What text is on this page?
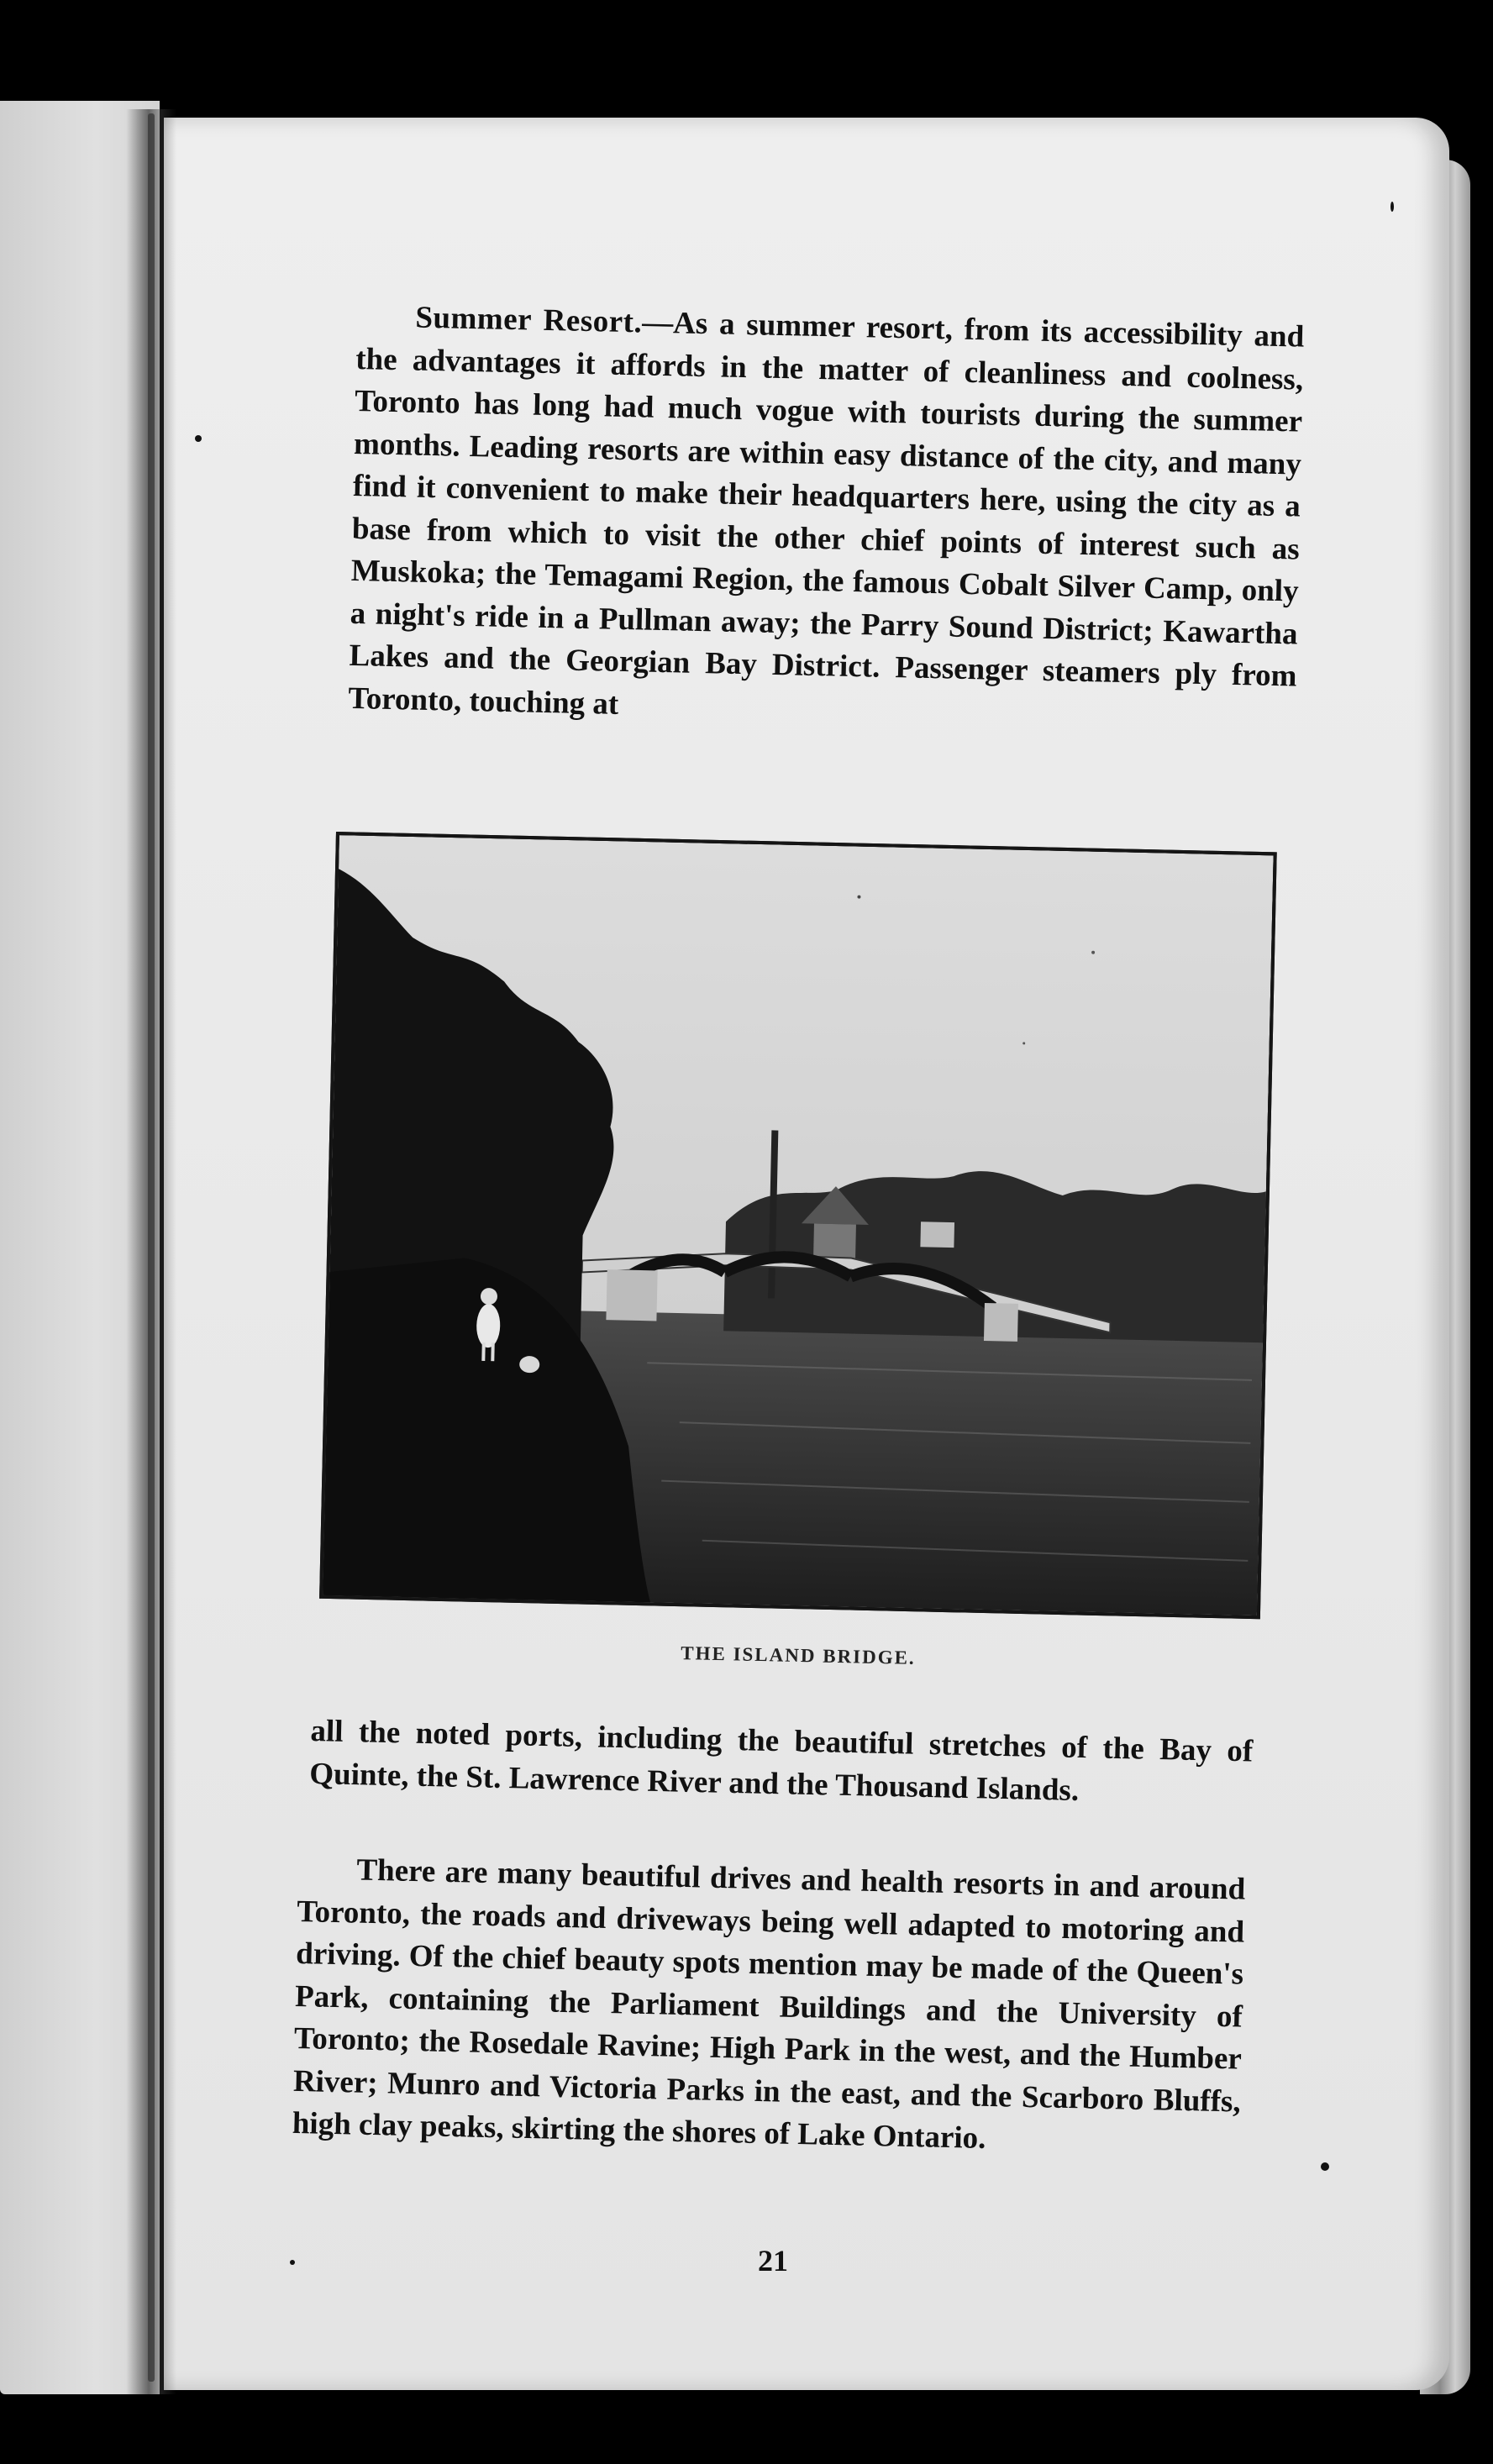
Summer Resort.—As a summer resort, from its accessibility and the advantages it affords in the matter of cleanliness and coolness, Toronto has long had much vogue with tourists during the summer months. Leading resorts are within easy distance of the city, and many find it convenient to make their headquarters here, using the city as a base from which to visit the other chief points of interest such as Muskoka; the Temagami Region, the famous Cobalt Silver Camp, only a night's ride in a Pullman away; the Parry Sound District; Kawartha Lakes and the Georgian Bay District. Passenger steamers ply from Toronto, touching at
THE ISLAND BRIDGE.
all the noted ports, including the beautiful stretches of the Bay of Quinte, the St. Lawrence River and the Thousand Islands.
There are many beautiful drives and health resorts in and around Toronto, the roads and driveways being well adapted to motoring and driving. Of the chief beauty spots mention may be made of the Queen's Park, containing the Parliament Buildings and the University of Toronto; the Rosedale Ravine; High Park in the west, and the Humber River; Munro and Victoria Parks in the east, and the Scarboro Bluffs, high clay peaks, skirting the shores of Lake Ontario.
21
